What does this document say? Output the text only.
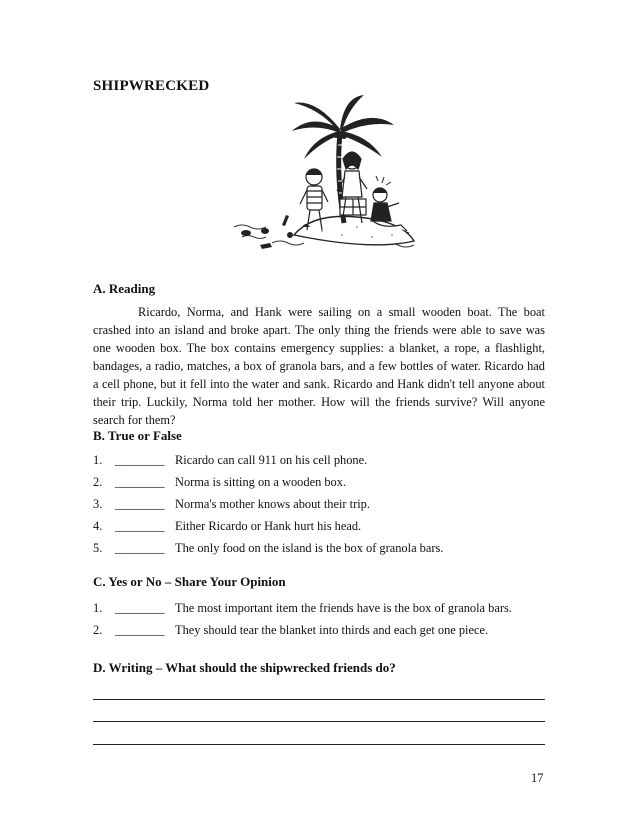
SHIPWRECKED
A. Reading
Ricardo, Norma, and Hank were sailing on a small wooden boat. The boat crashed into an island and broke apart. The only thing the friends were able to save was one wooden box. The box contains emergency supplies: a blanket, a rope, a flashlight, bandages, a radio, matches, a box of granola bars, and a few bottles of water. Ricardo had a cell phone, but it fell into the water and sank. Ricardo and Hank didn't tell anyone about their trip. Luckily, Norma told her mother. How will the friends survive? Will anyone search for them?
B. True or False
1. ________ Ricardo can call 911 on his cell phone.
2. ________ Norma is sitting on a wooden box.
3. ________ Norma's mother knows about their trip.
4. ________ Either Ricardo or Hank hurt his head.
5. ________ The only food on the island is the box of granola bars.
C. Yes or No – Share Your Opinion
1. ________ The most important item the friends have is the box of granola bars.
2. ________ They should tear the blanket into thirds and each get one piece.
D. Writing – What should the shipwrecked friends do?
17
